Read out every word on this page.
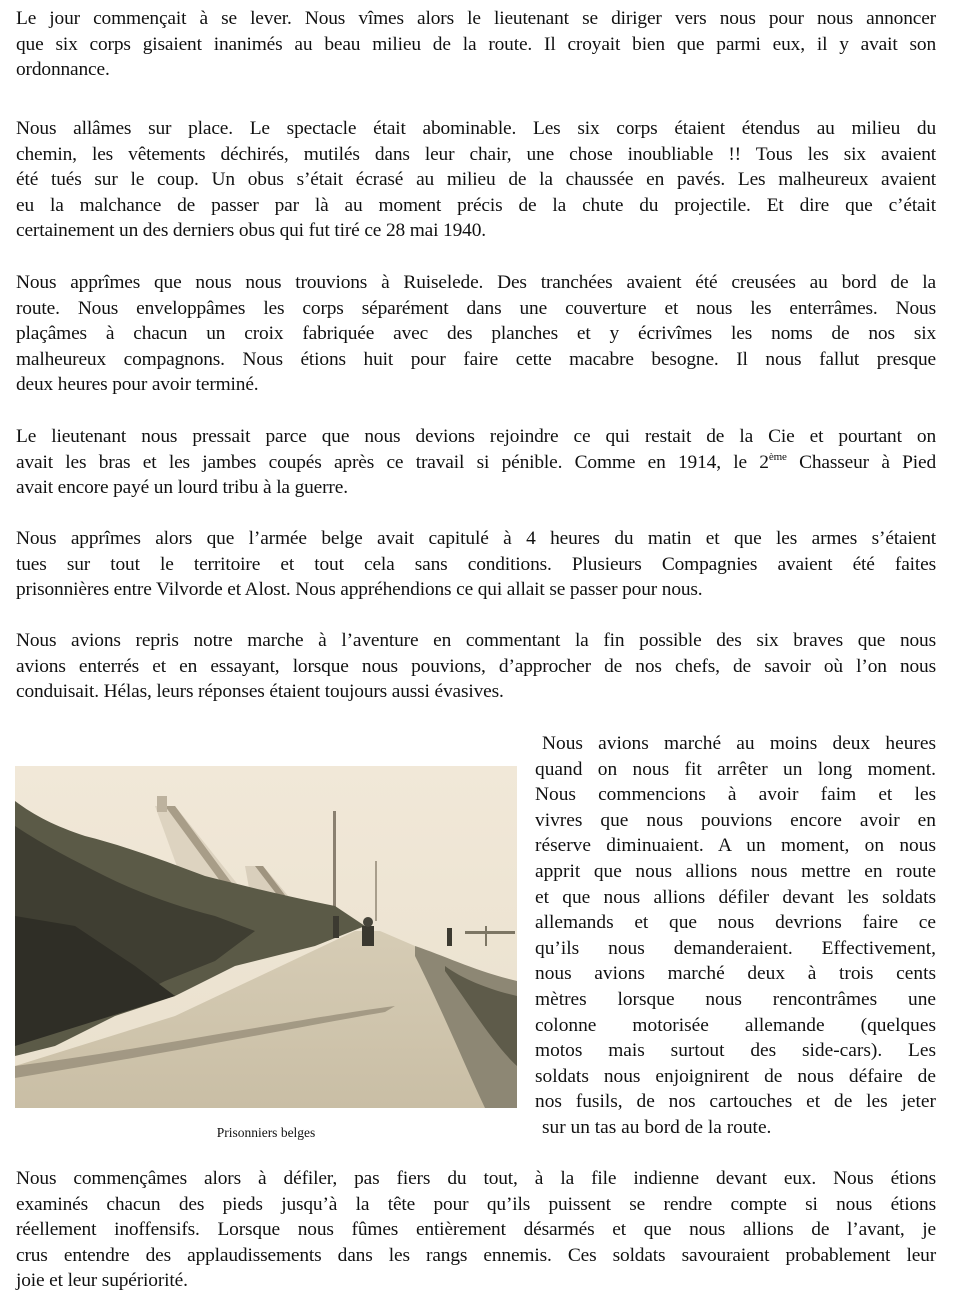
Le jour commençait à se lever. Nous vîmes alors le lieutenant se diriger vers nous pour nous annoncer
que six corps gisaient inanimés au beau milieu de la route. Il croyait bien que parmi eux, il y avait son
ordonnance.

Nous allâmes sur place. Le spectacle était abominable. Les six corps étaient étendus au milieu du
chemin, les vêtements déchirés, mutilés dans leur chair, une chose inoubliable !! Tous les six avaient
été tués sur le coup. Un obus s’était écrasé au milieu de la chaussée en pavés. Les malheureux avaient
eu la malchance de passer par là au moment précis de la chute du projectile. Et dire que c’était
certainement un des derniers obus qui fut tiré ce 28 mai 1940.

Nous apprîmes que nous nous trouvions à Ruiselede. Des tranchées avaient été creusées au bord de la
route. Nous enveloppâmes les corps séparément dans une couverture et nous les enterrâmes. Nous
plaçâmes à chacun un croix fabriquée avec des planches et y écrivîmes les noms de nos six
malheureux compagnons. Nous étions huit pour faire cette macabre besogne. Il nous fallut presque
deux heures pour avoir terminé.

Le lieutenant nous pressait parce que nous devions rejoindre ce qui restait de la Cie et pourtant on
avait les bras et les jambes coupés après ce travail si pénible. Comme en 1914, le 2ème Chasseur à Pied
avait encore payé un lourd tribu à la guerre.

Nous apprîmes alors que l’armée belge avait capitulé à 4 heures du matin et que les armes s’étaient
tues sur tout le territoire et tout cela sans conditions. Plusieurs Compagnies avaient été faites
prisonnières entre Vilvorde et Alost. Nous appréhendions ce qui allait se passer pour nous.

Nous avions repris notre marche à l’aventure en commentant la fin possible des six braves que nous
avions enterrés et en essayant, lorsque nous pouvions, d’approcher de nos chefs, de savoir où l’on nous
conduisait. Hélas, leurs réponses étaient toujours aussi évasives.

Prisonniers belges

Nous avions marché au moins deux heures
quand on nous fit arrêter un long moment.
Nous commencions à avoir faim et les
vivres que nous pouvions encore avoir en
réserve diminuaient. A un moment, on nous
apprit que nous allions nous mettre en route
et que nous allions défiler devant les soldats
allemands et que nous devrions faire ce
qu’ils nous demanderaient. Effectivement,
nous avions marché deux à trois cents
mètres lorsque nous rencontrâmes une
colonne motorisée allemande (quelques
motos mais surtout des side-cars). Les
soldats nous enjoignirent de nous défaire de
nos fusils, de nos cartouches et de les jeter
sur un tas au bord de la route.

Nous commençâmes alors à défiler, pas fiers du tout, à la file indienne devant eux. Nous étions
examinés chacun des pieds jusqu’à la tête pour qu’ils puissent se rendre compte si nous étions
réellement inoffensifs. Lorsque nous fûmes entièrement désarmés et que nous allions de l’avant, je
crus entendre des applaudissements dans les rangs ennemis. Ces soldats savouraient probablement leur
joie et leur supériorité.
